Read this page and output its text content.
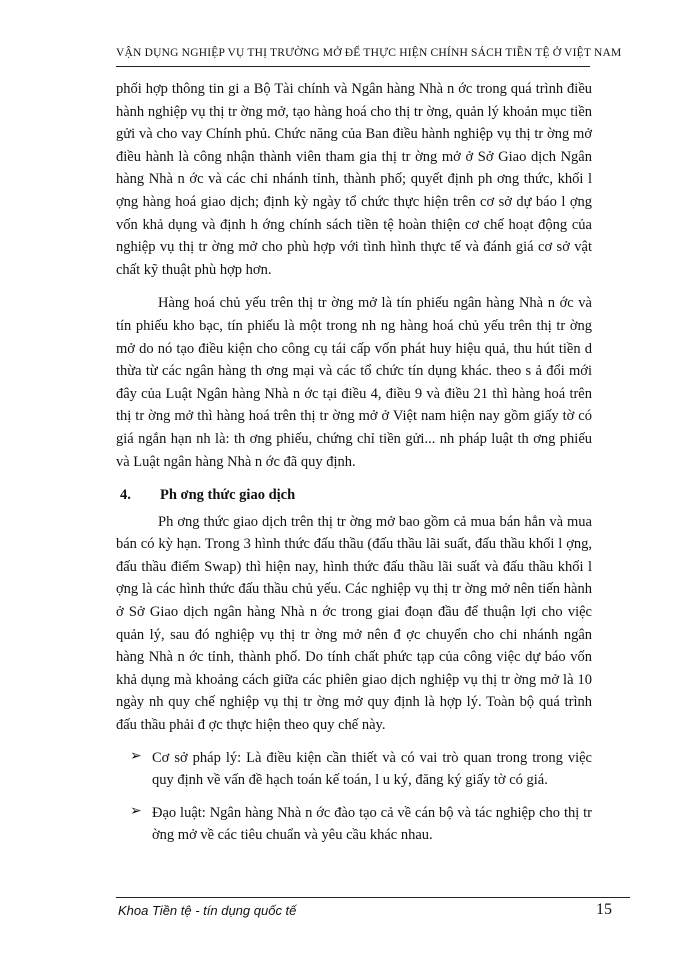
VẬN DỤNG NGHIỆP VỤ THỊ TRƯỜNG MỞ ĐỂ THỰC HIỆN CHÍNH SÁCH TIỀN TỆ Ở VIỆT NAM

phối hợp thông tin gi a Bộ Tài chính và Ngân hàng Nhà n ớc trong quá trình điều hành nghiệp vụ thị tr ờng mở, tạo hàng hoá cho thị tr ờng, quản lý khoản mục tiền gửi và cho vay Chính phủ. Chức năng của Ban điều hành nghiệp vụ thị tr ờng mở điều hành là công nhận thành viên tham gia thị tr ờng mở ở Sở Giao dịch Ngân hàng Nhà n ớc và các chi nhánh tỉnh, thành phố; quyết định ph ơng thức, khối l ợng hàng hoá giao dịch; định kỳ ngày tổ chức thực hiện trên cơ sở dự báo l ợng vốn khả dụng và định h ớng chính sách tiền tệ hoàn thiện cơ chế hoạt động của nghiệp vụ thị tr ờng mở cho phù hợp với tình hình thực tế và đánh giá cơ sở vật chất kỹ thuật phù hợp hơn.

Hàng hoá chủ yếu trên thị tr ờng mở là tín phiếu ngân hàng Nhà n ớc và tín phiếu kho bạc, tín phiếu là một trong nh ng hàng hoá chủ yếu trên thị tr ờng mở do nó tạo điều kiện cho công cụ tái cấp vốn phát huy hiệu quả, thu hút tiền d thừa từ các ngân hàng th ơng mại và các tổ chức tín dụng khác. theo s ả đổi mới đây của Luật Ngân hàng Nhà n ớc tại điều 4, điều 9 và điều 21 thì hàng hoá trên thị tr ờng mở thì hàng hoá trên thị tr ờng mở ở Việt nam hiện nay gồm giấy tờ có giá ngắn hạn nh là: th ơng phiếu, chứng chỉ tiền gửi... nh pháp luật th ơng phiếu và Luật ngân hàng Nhà n ớc đã quy định.

4. Ph ơng thức giao dịch

Ph ơng thức giao dịch trên thị tr ờng mở bao gồm cả mua bán hẳn và mua bán có kỳ hạn. Trong 3 hình thức đấu thầu (đấu thầu lãi suất, đấu thầu khối l ợng, đấu thầu điểm Swap) thì hiện nay, hình thức đấu thầu lãi suất và đấu thầu khối l ợng là các hình thức đấu thầu chủ yếu. Các nghiệp vụ thị tr ờng mở nên tiến hành ở Sở Giao dịch ngân hàng Nhà n ớc trong giai đoạn đầu để thuận lợi cho việc quản lý, sau đó nghiệp vụ thị tr ờng mở nên đ ợc chuyển cho chi nhánh ngân hàng Nhà n ớc tỉnh, thành phố. Do tính chất phức tạp của công việc dự báo vốn khả dụng mà khoảng cách giữa các phiên giao dịch nghiệp vụ thị tr ờng mở là 10 ngày nh quy chế nghiệp vụ thị tr ờng mở quy định là hợp lý. Toàn bộ quá trình đấu thầu phải đ ợc thực hiện theo quy chế này.

➢ Cơ sở pháp lý: Là điều kiện cần thiết và có vai trò quan trong trong việc quy định về vấn đề hạch toán kế toán, l u ký, đăng ký giấy tờ có giá.

➢ Đạo luật: Ngân hàng Nhà n ớc đào tạo cả về cán bộ và tác nghiệp cho thị tr ờng mở về các tiêu chuẩn và yêu cầu khác nhau.

Khoa Tiền tệ - tín dụng quốc tế	15
